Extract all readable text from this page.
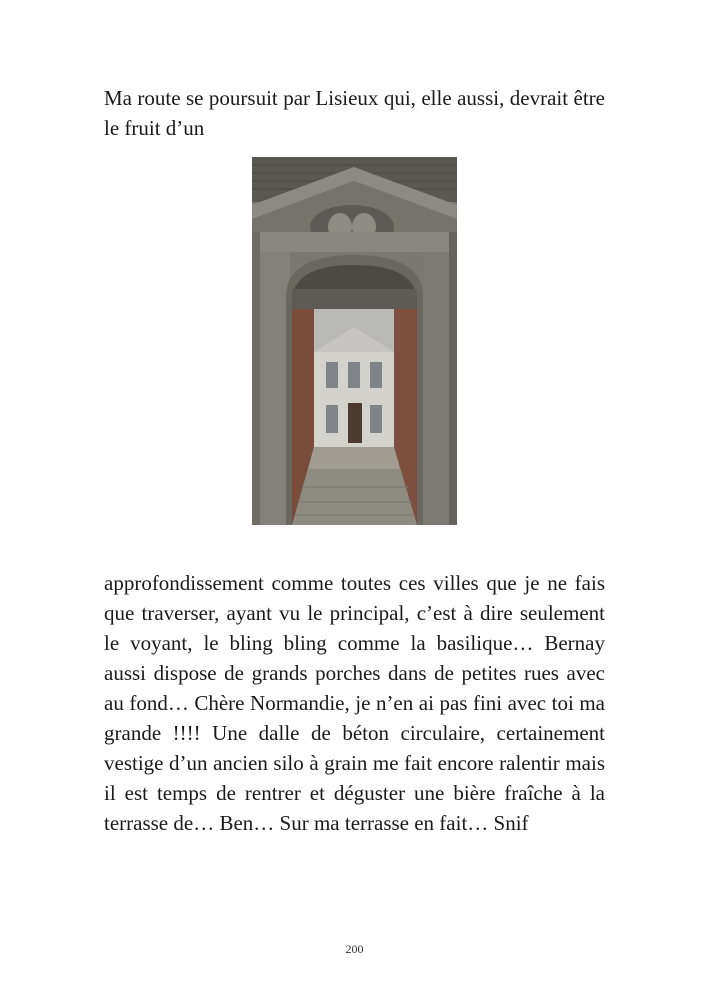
Ma route se poursuit par Lisieux qui, elle aussi, devrait être le fruit d’un

approfondissement comme toutes ces villes que je ne fais que traverser, ayant vu le principal, c’est à dire seulement le voyant, le bling bling comme la basilique… Bernay aussi dispose de grands porches dans de petites rues avec au fond… Chère Normandie, je n’en ai pas fini avec toi ma grande !!!! Une dalle de béton circulaire, certainement vestige d’un ancien silo à grain me fait encore ralentir mais il est temps de rentrer et déguster une bière fraîche à la terrasse de… Ben… Sur ma terrasse en fait… Snif

200
